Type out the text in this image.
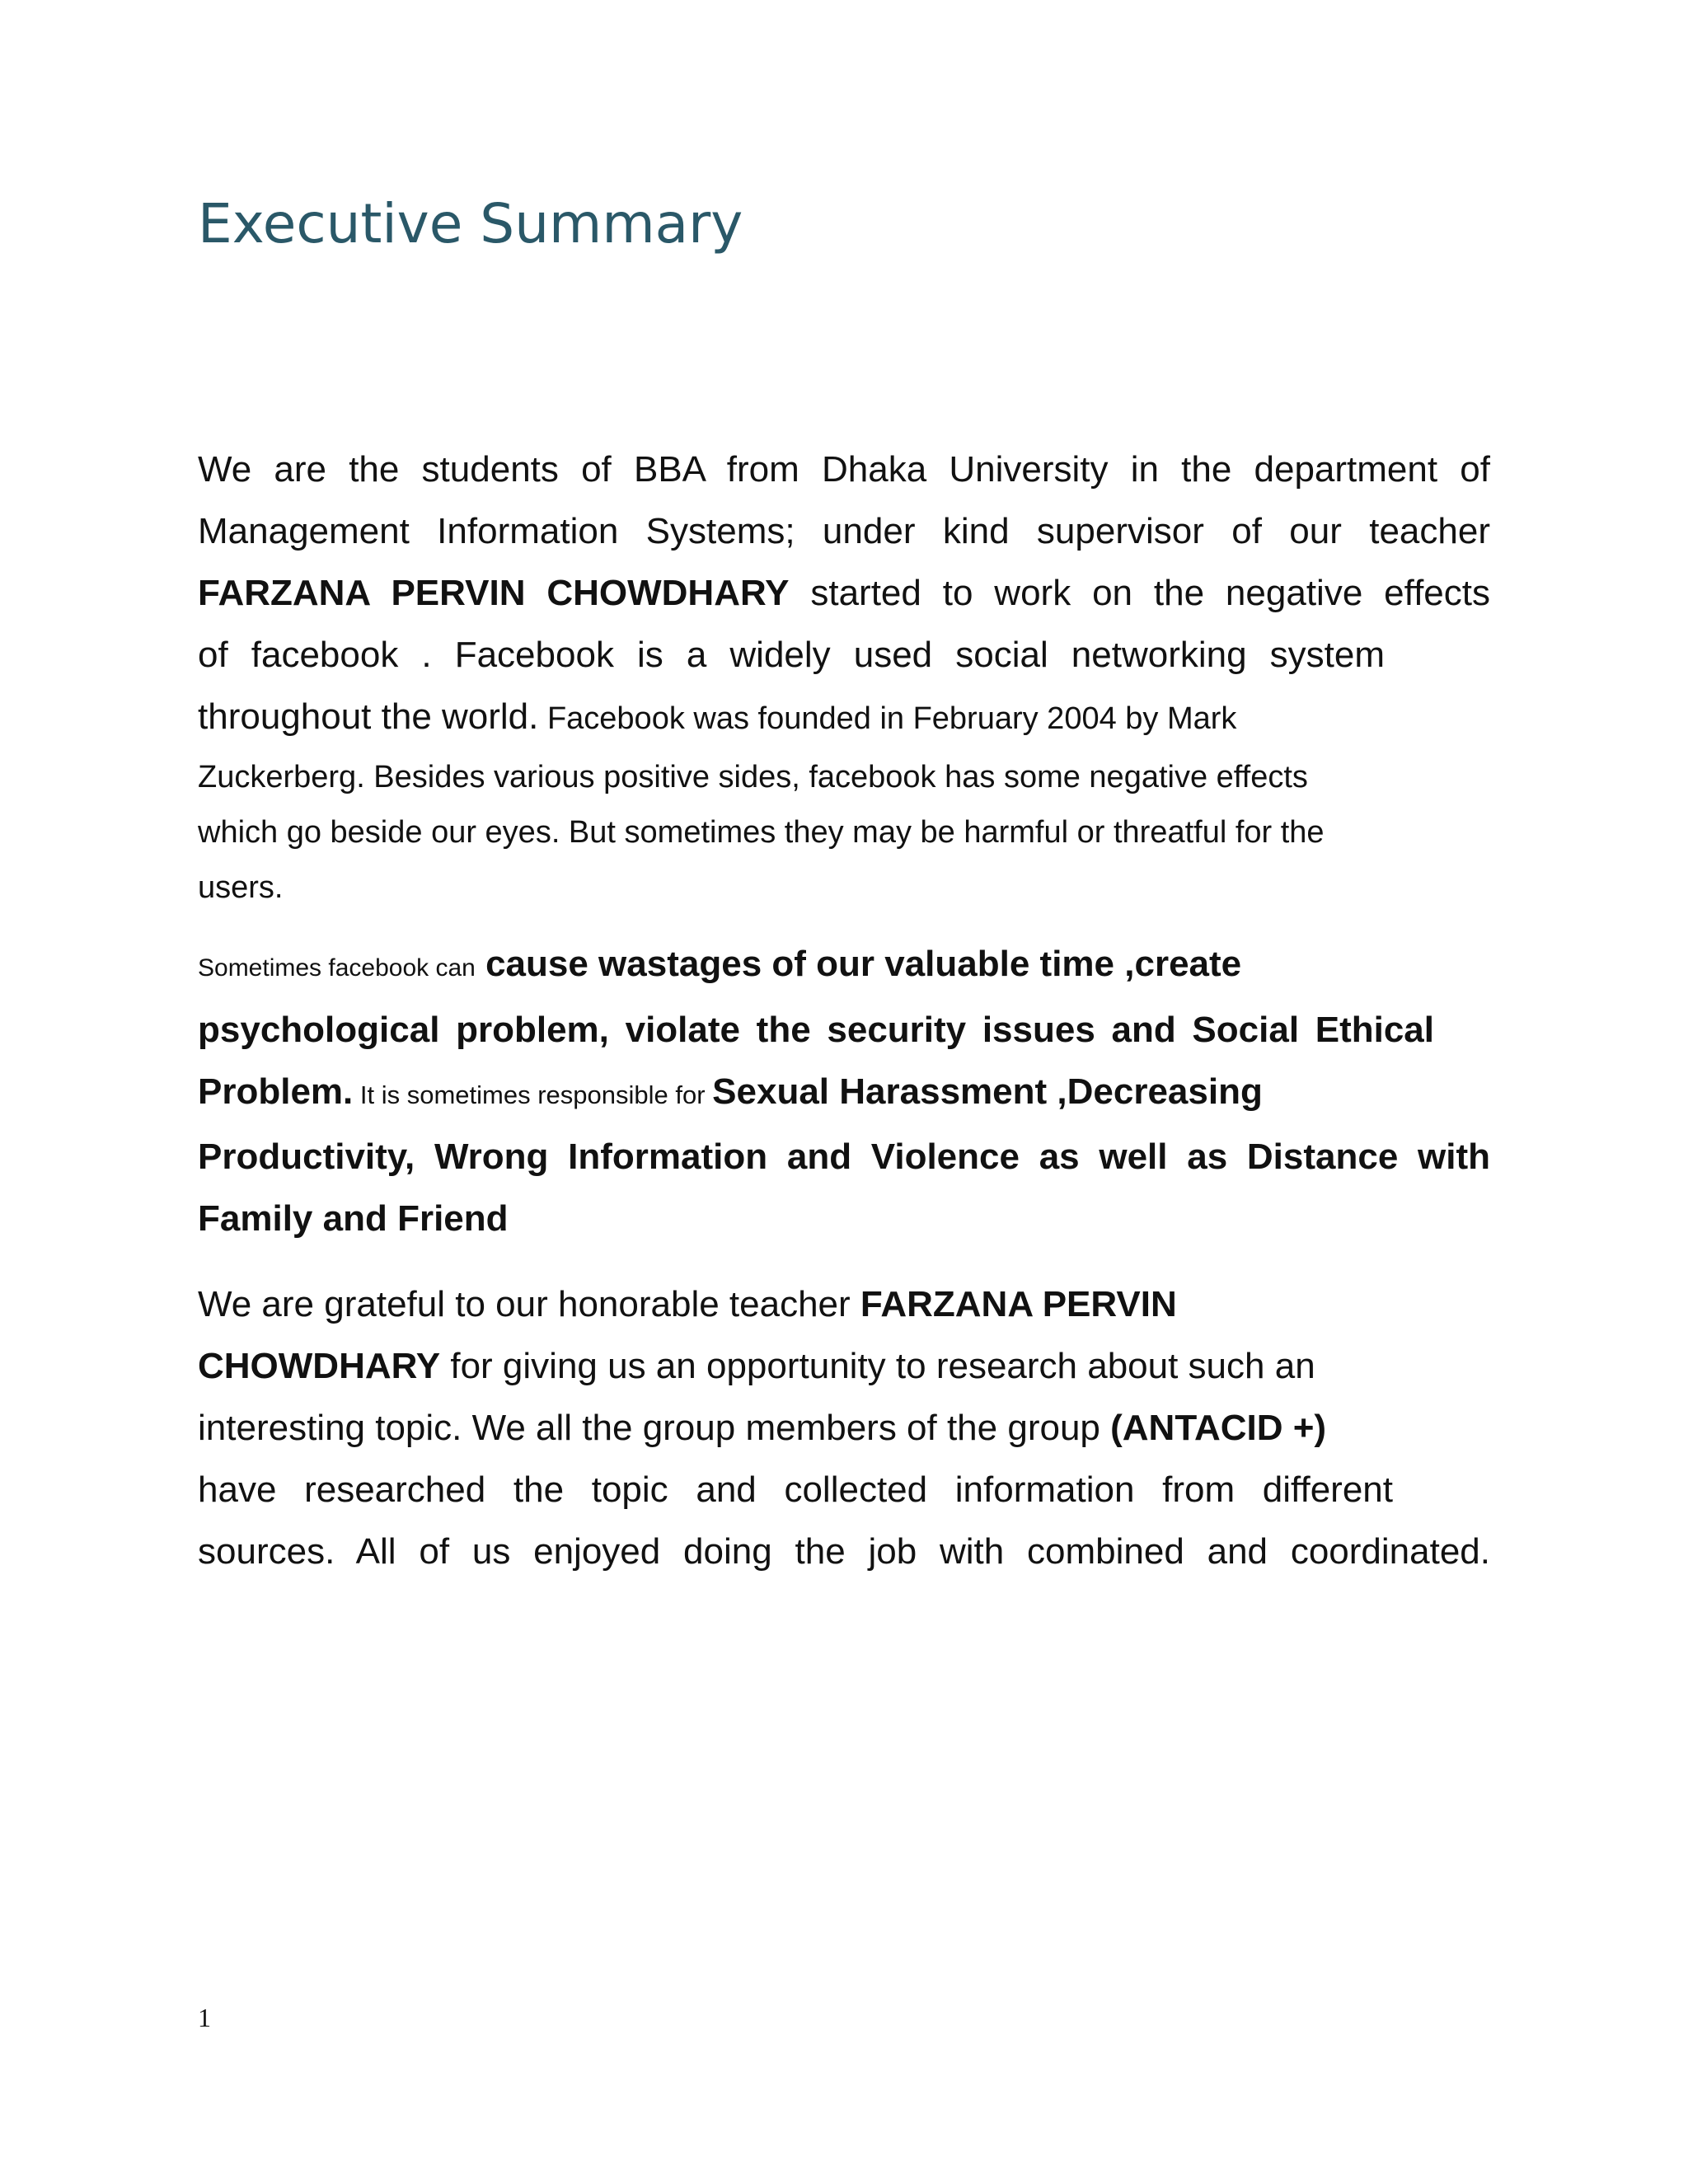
Executive Summary
We are the students of BBA from Dhaka University in the department of
Management Information Systems; under kind supervisor of our teacher
FARZANA PERVIN CHOWDHARY started to work on the negative effects
of facebook . Facebook is a widely used social networking system
throughout the world. Facebook was founded in February 2004 by Mark
Zuckerberg. Besides various positive sides, facebook has some negative effects
which go beside our eyes. But sometimes they may be harmful or threatful for the
users.
Sometimes facebook can cause wastages of our valuable time ,create
psychological problem, violate the security issues and Social Ethical
Problem. It is sometimes responsible for Sexual Harassment ,Decreasing
Productivity, Wrong Information and Violence as well as Distance with
Family and Friend
We are grateful to our honorable teacher FARZANA PERVIN
CHOWDHARY for giving us an opportunity to research about such an
interesting topic. We all the group members of the group (ANTACID +)
have researched the topic and collected information from different
sources. All of us enjoyed doing the job with combined and coordinated.
1
